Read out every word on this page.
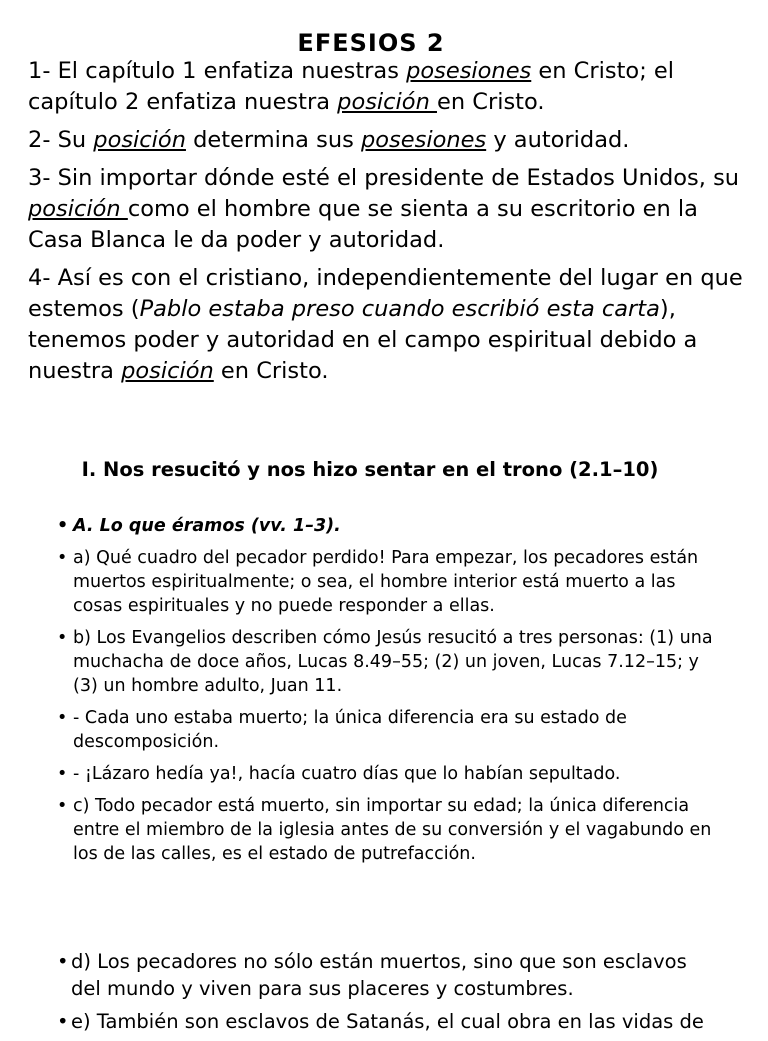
EFESIOS 2

1- El capítulo 1 enfatiza nuestras posesiones en Cristo; el capítulo 2 enfatiza nuestra posición en Cristo.

2- Su posición determina sus posesiones y autoridad.

3- Sin importar dónde esté el presidente de Estados Unidos, su posición como el hombre que se sienta a su escritorio en la Casa Blanca le da poder y autoridad.

4- Así es con el cristiano, independientemente del lugar en que estemos (Pablo estaba preso cuando escribió esta carta), tenemos poder y autoridad en el campo espiritual debido a nuestra posición en Cristo.

I. Nos resucitó y nos hizo sentar en el trono (2.1–10)
• A. Lo que éramos (vv. 1–3).
• a) Qué cuadro del pecador perdido! Para empezar, los pecadores están muertos espiritualmente; o sea, el hombre interior está muerto a las cosas espirituales y no puede responder a ellas.
• b) Los Evangelios describen cómo Jesús resucitó a tres personas: (1) una muchacha de doce años, Lucas 8.49–55; (2) un joven, Lucas 7.12–15; y (3) un hombre adulto, Juan 11.
• - Cada uno estaba muerto; la única diferencia era su estado de descomposición.
• - ¡Lázaro hedía ya!, hacía cuatro días que lo habían sepultado.
• c) Todo pecador está muerto, sin importar su edad; la única diferencia entre el miembro de la iglesia antes de su conversión y el vagabundo en los de las calles, es el estado de putrefacción.
• d) Los pecadores no sólo están muertos, sino que son esclavos del mundo y viven para sus placeres y costumbres.
• e) También son esclavos de Satanás, el cual obra en las vidas de
